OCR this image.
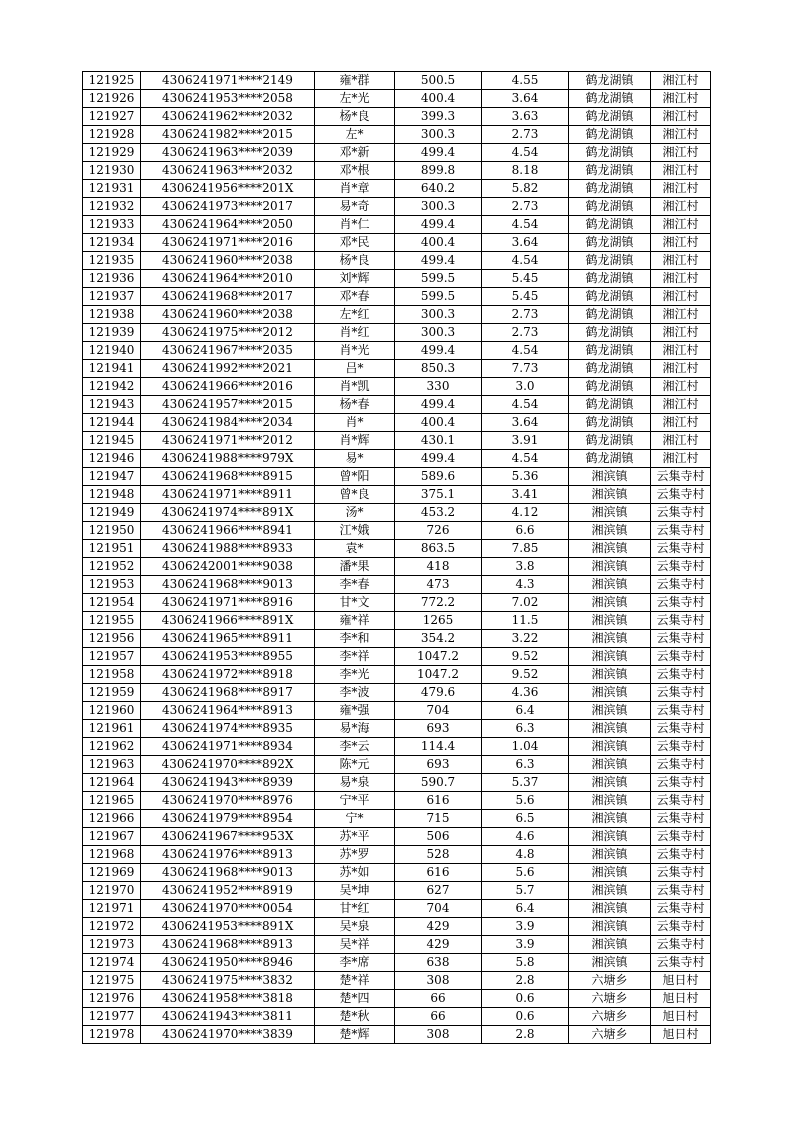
121925	4306241971****2149	雍*群	500.5	4.55	鹤龙湖镇	湘江村
121926	4306241953****2058	左*光	400.4	3.64	鹤龙湖镇	湘江村
121927	4306241962****2032	杨*良	399.3	3.63	鹤龙湖镇	湘江村
121928	4306241982****2015	左*	300.3	2.73	鹤龙湖镇	湘江村
121929	4306241963****2039	邓*新	499.4	4.54	鹤龙湖镇	湘江村
121930	4306241963****2032	邓*根	899.8	8.18	鹤龙湖镇	湘江村
121931	4306241956****201X	肖*章	640.2	5.82	鹤龙湖镇	湘江村
121932	4306241973****2017	易*奇	300.3	2.73	鹤龙湖镇	湘江村
121933	4306241964****2050	肖*仁	499.4	4.54	鹤龙湖镇	湘江村
121934	4306241971****2016	邓*民	400.4	3.64	鹤龙湖镇	湘江村
121935	4306241960****2038	杨*良	499.4	4.54	鹤龙湖镇	湘江村
121936	4306241964****2010	刘*辉	599.5	5.45	鹤龙湖镇	湘江村
121937	4306241968****2017	邓*春	599.5	5.45	鹤龙湖镇	湘江村
121938	4306241960****2038	左*红	300.3	2.73	鹤龙湖镇	湘江村
121939	4306241975****2012	肖*红	300.3	2.73	鹤龙湖镇	湘江村
121940	4306241967****2035	肖*光	499.4	4.54	鹤龙湖镇	湘江村
121941	4306241992****2021	吕*	850.3	7.73	鹤龙湖镇	湘江村
121942	4306241966****2016	肖*凯	330	3.0	鹤龙湖镇	湘江村
121943	4306241957****2015	杨*春	499.4	4.54	鹤龙湖镇	湘江村
121944	4306241984****2034	肖*	400.4	3.64	鹤龙湖镇	湘江村
121945	4306241971****2012	肖*辉	430.1	3.91	鹤龙湖镇	湘江村
121946	4306241988****979X	易*	499.4	4.54	鹤龙湖镇	湘江村
121947	4306241968****8915	曾*阳	589.6	5.36	湘滨镇	云集寺村
121948	4306241971****8911	曾*良	375.1	3.41	湘滨镇	云集寺村
121949	4306241974****891X	汤*	453.2	4.12	湘滨镇	云集寺村
121950	4306241966****8941	江*娥	726	6.6	湘滨镇	云集寺村
121951	4306241988****8933	袁*	863.5	7.85	湘滨镇	云集寺村
121952	4306242001****9038	潘*果	418	3.8	湘滨镇	云集寺村
121953	4306241968****9013	李*春	473	4.3	湘滨镇	云集寺村
121954	4306241971****8916	甘*文	772.2	7.02	湘滨镇	云集寺村
121955	4306241966****891X	雍*祥	1265	11.5	湘滨镇	云集寺村
121956	4306241965****8911	李*和	354.2	3.22	湘滨镇	云集寺村
121957	4306241953****8955	李*祥	1047.2	9.52	湘滨镇	云集寺村
121958	4306241972****8918	李*光	1047.2	9.52	湘滨镇	云集寺村
121959	4306241968****8917	李*波	479.6	4.36	湘滨镇	云集寺村
121960	4306241964****8913	雍*强	704	6.4	湘滨镇	云集寺村
121961	4306241974****8935	易*海	693	6.3	湘滨镇	云集寺村
121962	4306241971****8934	李*云	114.4	1.04	湘滨镇	云集寺村
121963	4306241970****892X	陈*元	693	6.3	湘滨镇	云集寺村
121964	4306241943****8939	易*泉	590.7	5.37	湘滨镇	云集寺村
121965	4306241970****8976	宁*平	616	5.6	湘滨镇	云集寺村
121966	4306241979****8954	宁*	715	6.5	湘滨镇	云集寺村
121967	4306241967****953X	苏*平	506	4.6	湘滨镇	云集寺村
121968	4306241976****8913	苏*罗	528	4.8	湘滨镇	云集寺村
121969	4306241968****9013	苏*如	616	5.6	湘滨镇	云集寺村
121970	4306241952****8919	吴*坤	627	5.7	湘滨镇	云集寺村
121971	4306241970****0054	甘*红	704	6.4	湘滨镇	云集寺村
121972	4306241953****891X	吴*泉	429	3.9	湘滨镇	云集寺村
121973	4306241968****8913	吴*祥	429	3.9	湘滨镇	云集寺村
121974	4306241950****8946	李*席	638	5.8	湘滨镇	云集寺村
121975	4306241975****3832	楚*祥	308	2.8	六塘乡	旭日村
121976	4306241958****3818	楚*四	66	0.6	六塘乡	旭日村
121977	4306241943****3811	楚*秋	66	0.6	六塘乡	旭日村
121978	4306241970****3839	楚*辉	308	2.8	六塘乡	旭日村
